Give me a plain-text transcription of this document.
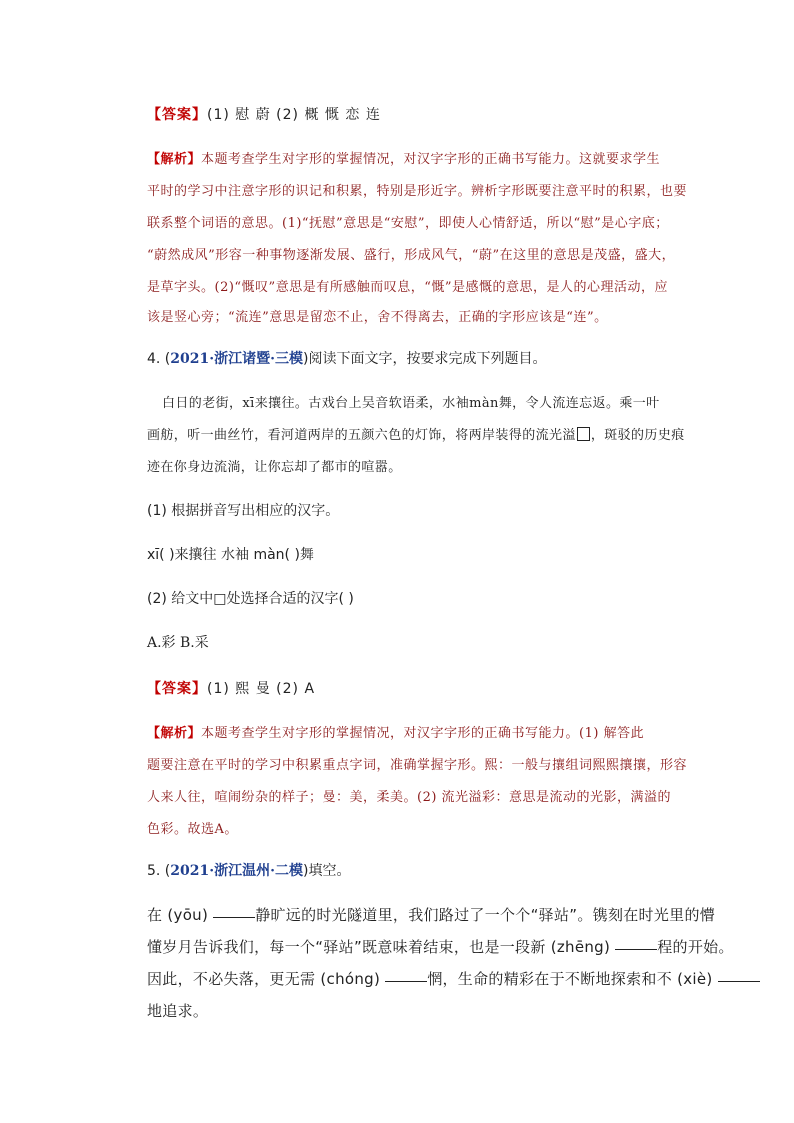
【答案】(1) 慰 蔚 (2) 概 慨 恋 连
【解析】本题考查学生对字形的掌握情况，对汉字字形的正确书写能力。这就要求学生
平时的学习中注意字形的识记和积累，特别是形近字。辨析字形既要注意平时的积累，也要
联系整个词语的意思。(1)“抚慰”意思是“安慰”，即使人心情舒适，所以“慰”是心字底；
“蔚然成风”形容一种事物逐渐发展、盛行，形成风气，“蔚”在这里的意思是茂盛，盛大，
是草字头。(2)“慨叹”意思是有所感触而叹息，“慨”是感慨的意思，是人的心理活动，应
该是竖心旁；“流连”意思是留恋不止，舍不得离去，正确的字形应该是“连”。
4. (2021·浙江诸暨·三模)阅读下面文字，按要求完成下列题目。
白日的老街，xī来攘往。古戏台上吴音软语柔，水袖màn舞，令人流连忘返。乘一叶
画舫，听一曲丝竹，看河道两岸的五颜六色的灯饰，将两岸装得的流光溢 ，斑驳的历史痕
迹在你身边流淌，让你忘却了都市的喧嚣。
(1) 根据拼音写出相应的汉字。
xī( )来攘往 水袖 màn( )舞
(2) 给文中□处选择合适的汉字( )
A.彩 B.采
【答案】(1) 熙 曼 (2) A
【解析】本题考查学生对字形的掌握情况，对汉字字形的正确书写能力。(1) 解答此
题要注意在平时的学习中积累重点字词，准确掌握字形。熙：一般与攘组词熙熙攘攘，形容
人来人往，喧闹纷杂的样子；曼：美，柔美。(2) 流光溢彩：意思是流动的光影，满溢的
色彩。故选A。
5. (2021·浙江温州·二模)填空。
在 (yōu)	静旷远的时光隧道里，我们路过了一个个“驿站”。镌刻在时光里的懵
懂岁月告诉我们，每一个“驿站”既意味着结束，也是一段新 (zhēng)	程的开始。
因此，不必失落，更无需 (chóng)	惘，生命的精彩在于不断地探索和不 (xiè)
地追求。
